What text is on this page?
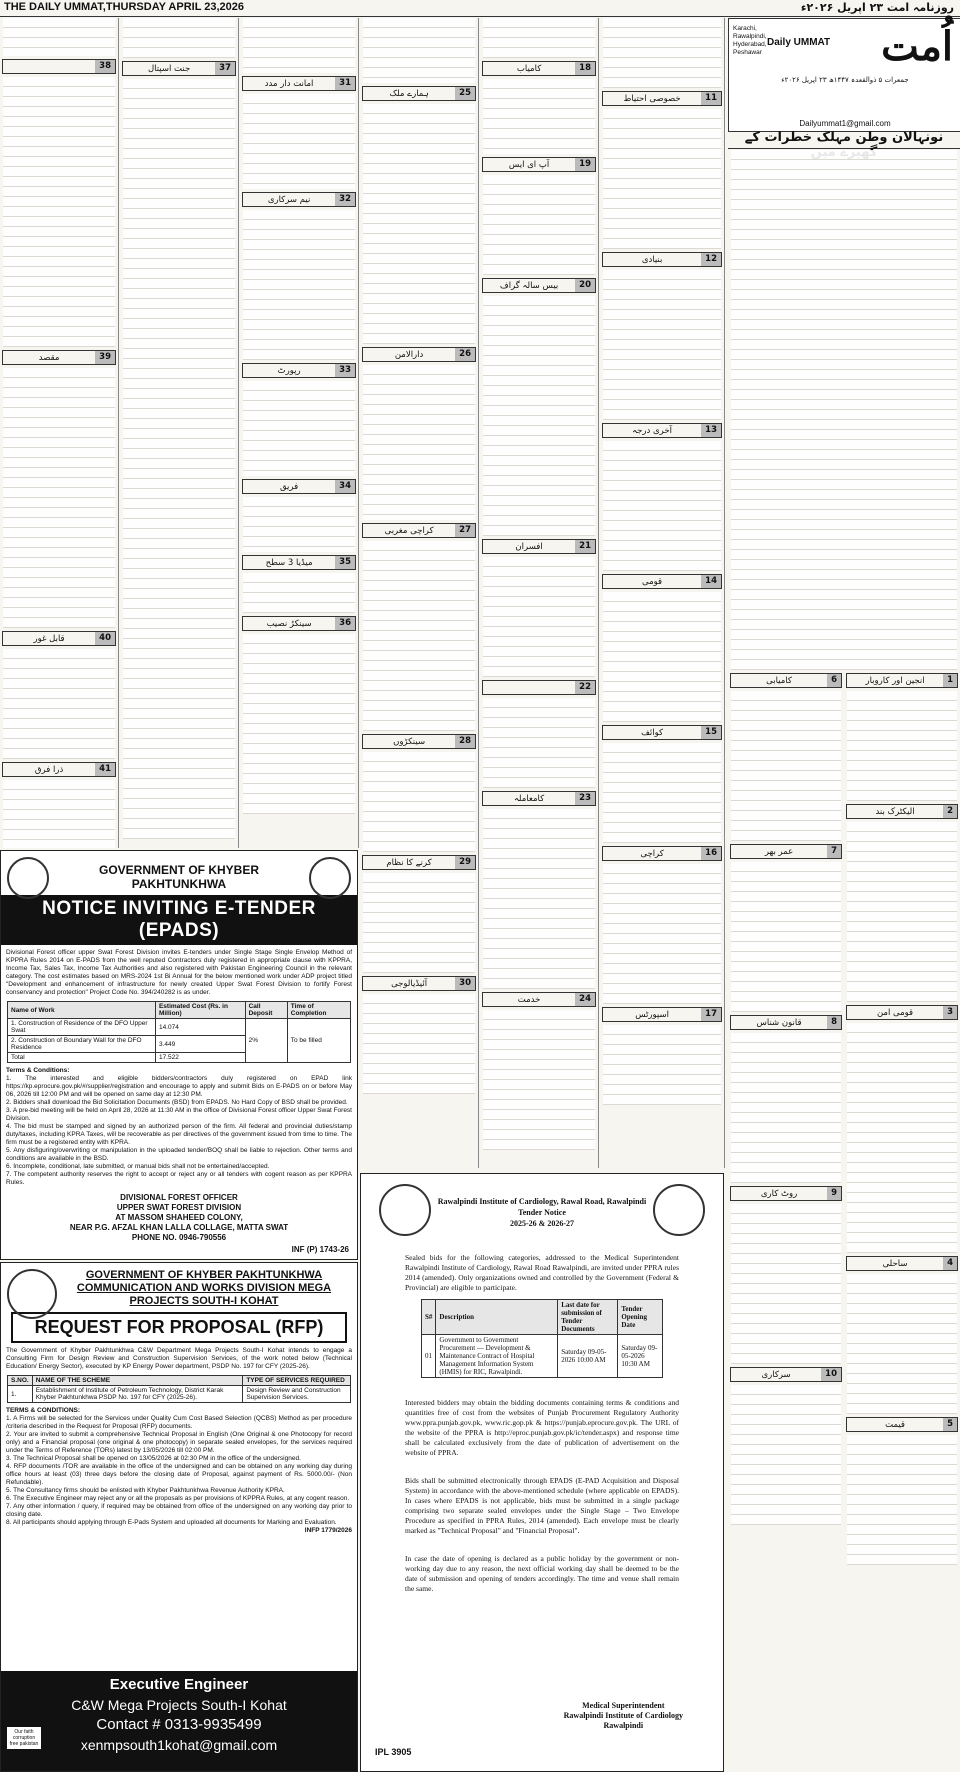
THE DAILY UMMAT,THURSDAY APRIL 23,2026	روزنامہ امت ۲۳ اپریل ۲۰۲۶ء
38
39
مقصد
40
قابل غور
41
ذرا فرق
37
جنت اسپتال
31
امانت دار مدد
32
نیم سرکاری
33
رپورٹ
34
فریق
35
میڈیا 3 سطح
36
سینکڑ نصیب
25
ہمارے ملک
26
دارالامن
27
کراچی مغربی
28
سینکڑوں
29
کرنے کا نظام
30
آئیڈیالوجی
18
کامیاب
19
آپ ای ایس
20
بیس سالہ گراف
21
افسران
22
23
کامعاملہ
24
خدمت
11
خصوصی احتیاط
12
بنیادی
13
آخری درجہ
14
قومی
15
کوائف
16
کراچی
17
اسپورٹس
اُمت
Daily UMMAT
Karachi,
Rawalpindi,
Hyderabad,
Peshawar
جمعرات ۵ ذوالقعدہ ۱۴۴۷ھ ۲۳ اپریل ۲۰۲۶ء
Dailyummat1@gmail.com
نونہالان وطن مہلک خطرات کے
6
کامیابی
7
عمر بھر
8
قانون شناس
9
روٹ کاری
10
سرکاری
1
انجین اور کاروبار
2
الیکٹرک بند
3
قومی امن
4
ساحلی
5
قیمت
GOVERNMENT OF KHYBER
PAKHTUNKHWA
NOTICE INVITING E-TENDER (EPADS)
Divisional Forest officer upper Swat Forest Division invites E-tenders under Single Stage Single Envelop Method of KPPRA Rules 2014 on E-PADS from the well reputed Contractors duly registered in appropriate clause with KPPRA, Income Tax, Sales Tax, Income Tax Authorities and also registered with Pakistan Engineering Council in the relevant category. The cost estimates based on MRS-2024 1st Bi Annual for the below mentioned work under ADP project titled "Development and enhancement of infrastructure for newly created Upper Swat Forest Division to fortify Forest conservancy and protection" Project Code No. 394/240282 is as under.
Name of Work	Estimated Cost (Rs. in Million)	Call Deposit	Time of Completion
1. Construction of Residence of the DFO Upper Swat	14.074	2%	To be filled
2. Construction of Boundary Wall for the DFO Residence	3.449		
Total	17.522		
Terms & Conditions:
1. The interested and eligible bidders/contractors duly registered on EPAD link https://kp.eprocure.gov.pk/#/supplier/registration and encourage to apply and submit Bids on E-PADS on or before May 06, 2026 till 12:00 PM and will be opened on same day at 12:30 PM.
2. Bidders shall download the Bid Solicitation Documents (BSD) from EPADS. No Hard Copy of BSD shall be provided.
3. A pre-bid meeting will be held on April 28, 2026 at 11:30 AM in the office of Divisional Forest officer Upper Swat Forest Division.
4. The bid must be stamped and signed by an authorized person of the firm. All federal and provincial duties/stamp duty/taxes, including KPRA Taxes, will be recoverable as per directives of the government issued from time to time. The firm must be a registered entity with KPRA.
5. Any disfiguring/overwriting or manipulation in the uploaded tender/BOQ shall be liable to rejection. Other terms and conditions are available in the BSD.
6. Incomplete, conditional, late submitted, or manual bids shall not be entertained/accepted.
7. The competent authority reserves the right to accept or reject any or all tenders with cogent reason as per KPPRA Rules.
DIVISIONAL FOREST OFFICER
UPPER SWAT FOREST DIVISION
AT MASSOM SHAHEED COLONY,
NEAR P.G. AFZAL KHAN LALLA COLLAGE, MATTA SWAT
PHONE NO. 0946-790556
INF (P) 1743-26
GOVERNMENT OF KHYBER PAKHTUNKHWA
COMMUNICATION AND WORKS DIVISION MEGA
PROJECTS SOUTH-I KOHAT
REQUEST FOR PROPOSAL (RFP)
The Government of Khyber Pakhtunkhwa C&W Department Mega Projects South-I Kohat intends to engage a Consulting Firm for Design Review and Construction Supervision Services, of the work noted below (Technical Education/ Energy Sector), executed by KP Energy Power department, PSDP No. 197 for CFY (2025-26).
S.NO.	NAME OF THE SCHEME	TYPE OF SERVICES REQUIRED
1.	Establishment of Institute of Petroleum Technology, District Karak Khyber Pakhtunkhwa PSDP No. 197 for CFY (2025-26).	Design Review and Construction Supervision Services.
TERMS & CONDITIONS:
1. A Firms will be selected for the Services under Quality Cum Cost Based Selection (QCBS) Method as per procedure /criteria described in the Request for Proposal (RFP) documents.
2. Your are invited to submit a comprehensive Technical Proposal in English (One Original & one Photocopy for record only) and a Financial proposal (one original & one photocopy) in separate sealed envelopes, for the services required under the Terms of Reference (TORs) latest by 13/05/2026 till 02:00 PM.
3. The Technical Proposal shall be opened on 13/05/2026 at 02:30 PM in the office of the undersigned.
4. RFP documents /TOR are available in the office of the undersigned and can be obtained on any working day during office hours at least (03) three days before the closing date of Proposal, against payment of Rs. 5000.00/- (Non Refundable).
5. The Consultancy firms should be enlisted with Khyber Pakhtunkhwa Revenue Authority KPRA.
6. The Executive Engineer may reject any or all the proposals as per provisions of KPPRA Rules, at any cogent reason.
7. Any other information / query, if required may be obtained from office of the undersigned on any working day prior to closing date.
8. All participants should applying through E-Pads System and uploaded all documents for Marking and Evaluation.
INFP 1779/2026
Executive Engineer
C&W Mega Projects South-I Kohat
Contact # 0313-9935499
xenmpsouth1kohat@gmail.com
Our faith corruption free pakistan
Rawalpindi Institute of Cardiology, Rawal Road, Rawalpindi
Tender Notice
2025-26 & 2026-27
Sealed bids for the following categories, addressed to the Medical Superintendent Rawalpindi Institute of Cardiology, Rawal Road Rawalpindi, are invited under PPRA rules 2014 (amended). Only organizations owned and controlled by the Government (Federal & Provincial) are eligible to participate.
S#	Description	Last date for submission of Tender Documents	Tender Opening Date
01	Government to Government Procurement — Development & Maintenance Contract of Hospital Management Information System (HMIS) for RIC, Rawalpindi.	Saturday 09-05-2026 10:00 AM	Saturday 09-05-2026 10:30 AM
Interested bidders may obtain the bidding documents containing terms & conditions and quantities free of cost from the websites of Punjab Procurement Regulatory Authority www.ppra.punjab.gov.pk, www.ric.gop.pk & https://punjab.eprocure.gov.pk. The URL of the website of the PPRA is http://eproc.punjab.gov.pk/ic/tender.aspx) and response time shall be calculated exclusively from the date of publication of advertisement on the website of PPRA.
Bids shall be submitted electronically through EPADS (E-PAD Acquisition and Disposal System) in accordance with the above-mentioned schedule (where applicable on EPADS). In cases where EPADS is not applicable, bids must be submitted in a single package comprising two separate sealed envelopes under the Single Stage – Two Envelope Procedure as specified in PPRA Rules, 2014 (amended). Each envelope must be clearly marked as "Technical Proposal" and "Financial Proposal".
In case the date of opening is declared as a public holiday by the government or non-working day due to any reason, the next official working day shall be deemed to be the date of submission and opening of tenders accordingly. The time and venue shall remain the same.
Medical Superintendent
Rawalpindi Institute of Cardiology
Rawalpindi
IPL 3905
